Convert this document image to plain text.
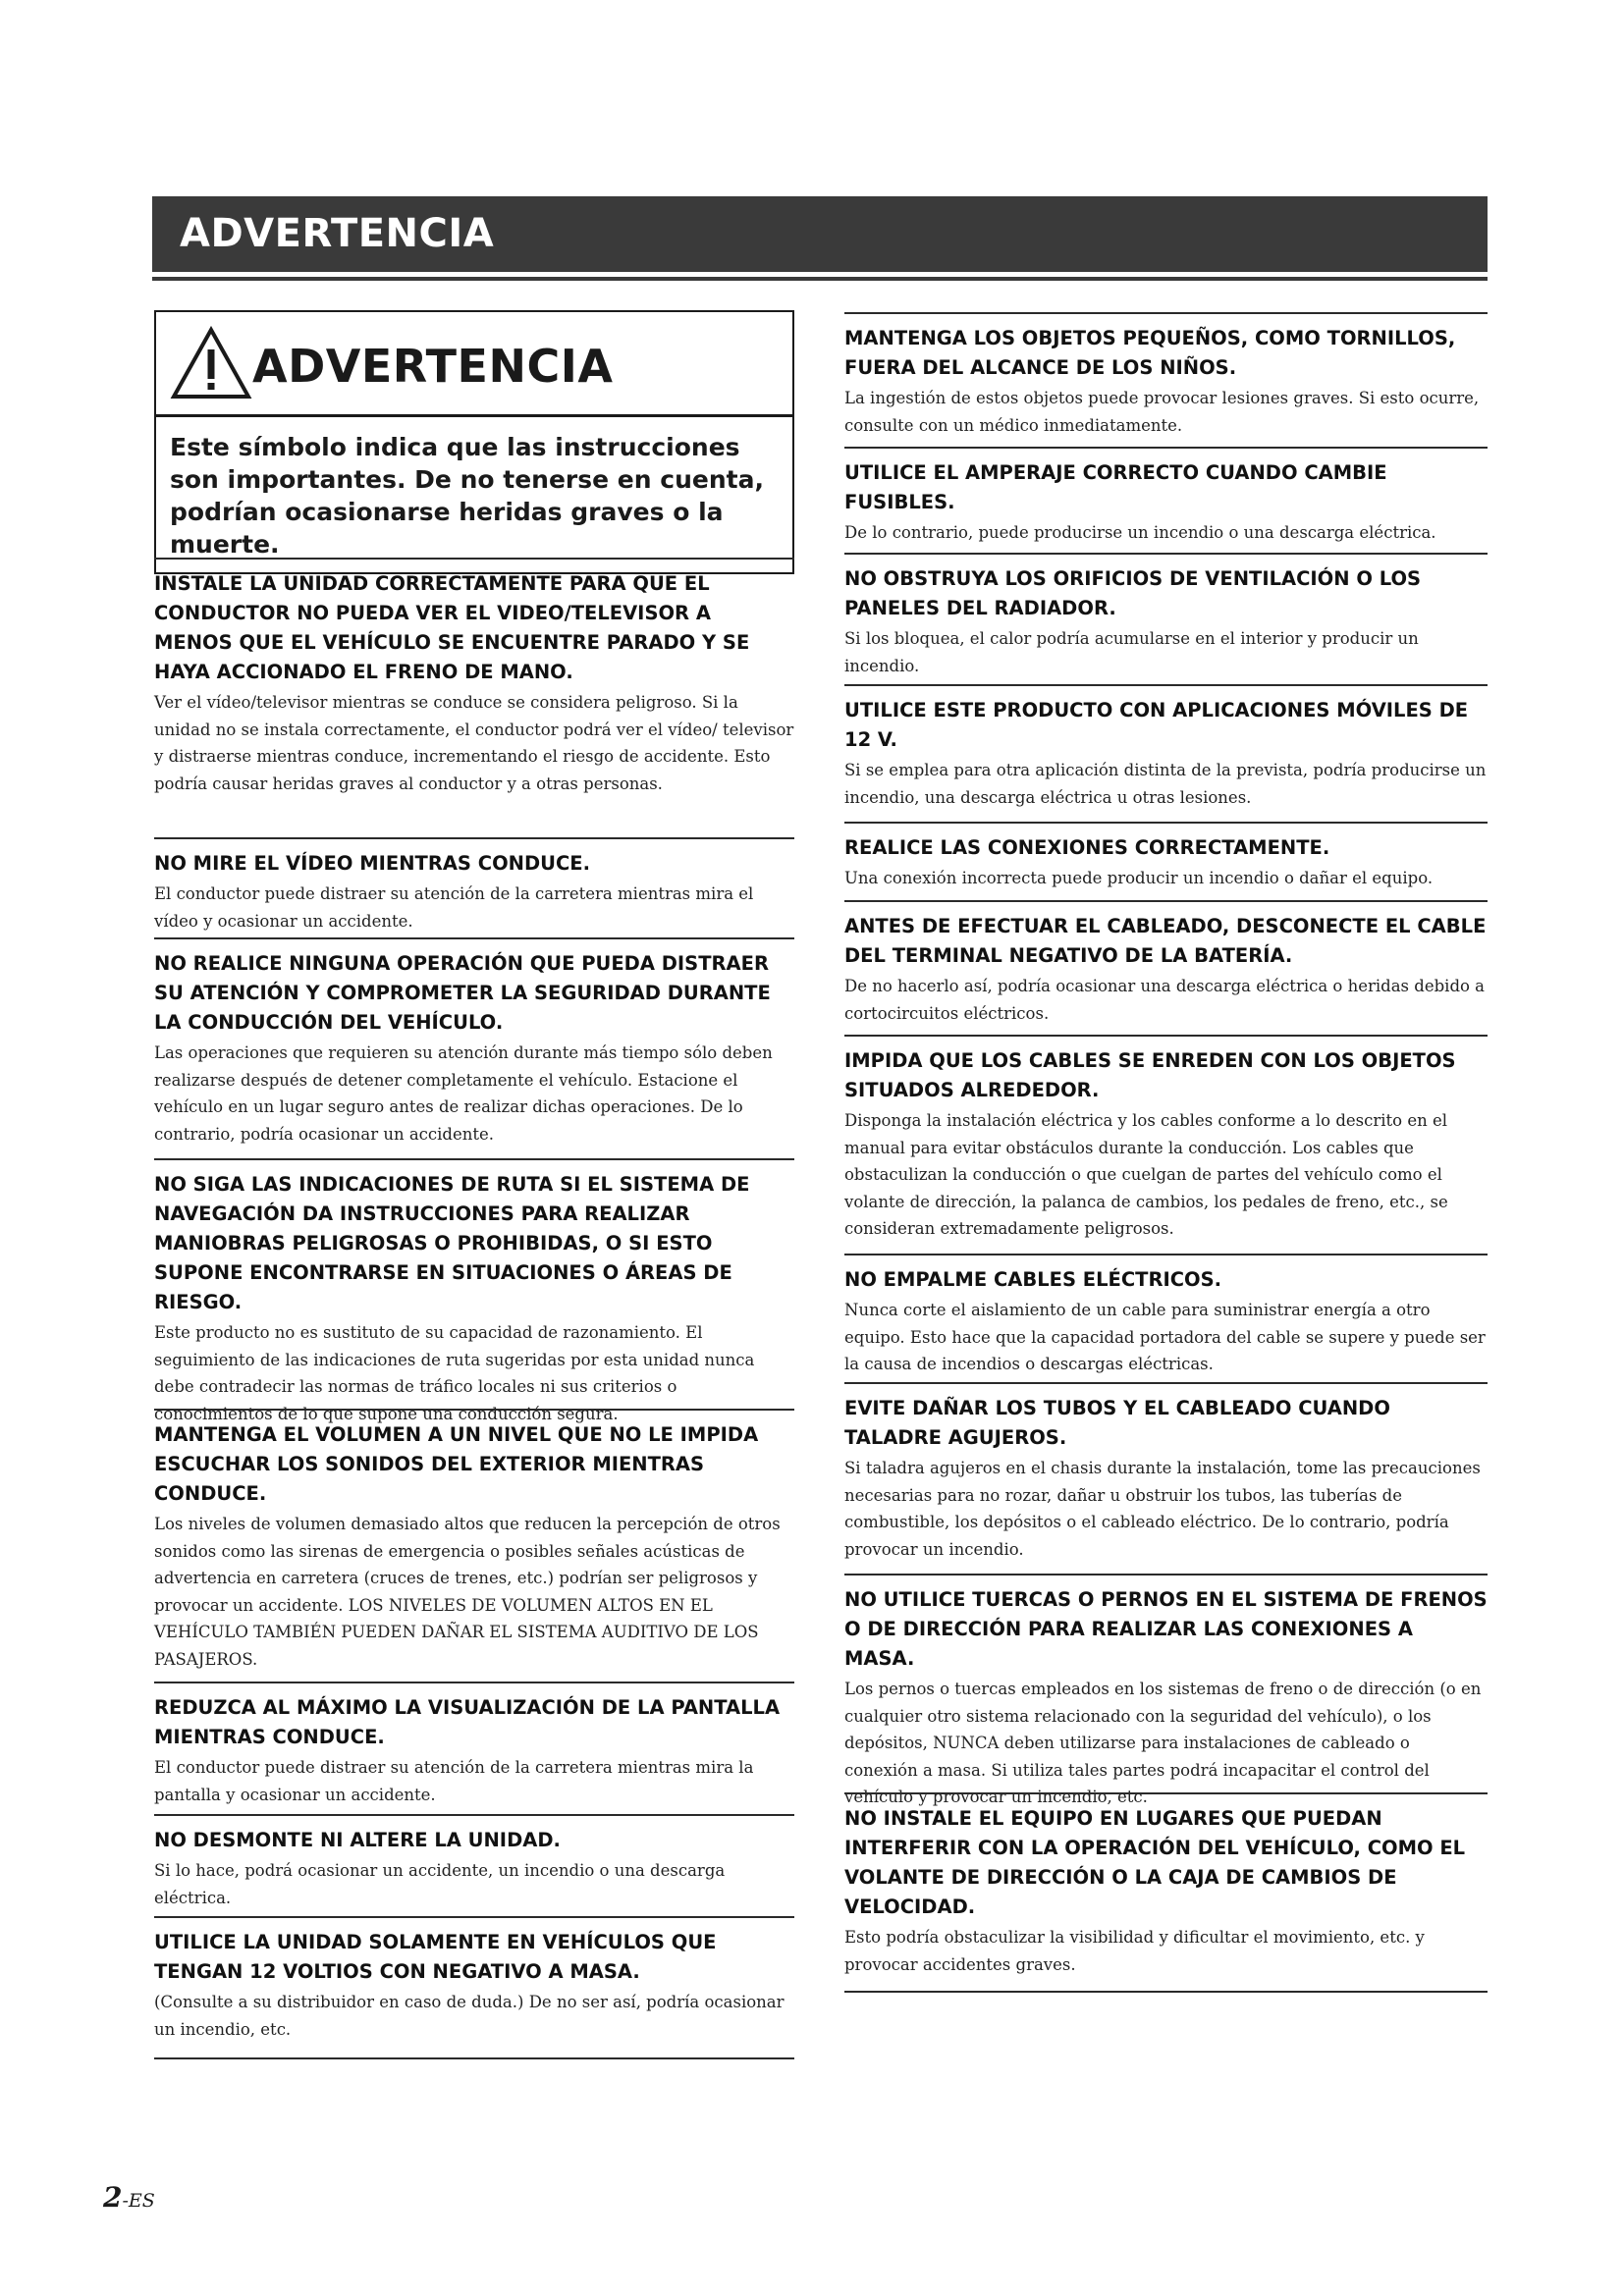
ADVERTENCIA
ADVERTENCIA
Este símbolo indica que las instrucciones son importantes. De no tenerse en cuenta, podrían ocasionarse heridas graves o la muerte.

INSTALE LA UNIDAD CORRECTAMENTE PARA QUE EL CONDUCTOR NO PUEDA VER EL VIDEO/TELEVISOR A MENOS QUE EL VEHÍCULO SE ENCUENTRE PARADO Y SE HAYA ACCIONADO EL FRENO DE MANO.

Ver el vídeo/televisor mientras se conduce se considera peligroso. Si la unidad no se instala correctamente, el conductor podrá ver el vídeo/ televisor y distraerse mientras conduce, incrementando el riesgo de accidente. Esto podría causar heridas graves al conductor y a otras personas.

NO MIRE EL VÍDEO MIENTRAS CONDUCE.

El conductor puede distraer su atención de la carretera mientras mira el vídeo y ocasionar un accidente.

NO REALICE NINGUNA OPERACIÓN QUE PUEDA DISTRAER SU ATENCIÓN Y COMPROMETER LA SEGURIDAD DURANTE LA CONDUCCIÓN DEL VEHÍCULO.

Las operaciones que requieren su atención durante más tiempo sólo deben realizarse después de detener completamente el vehículo. Estacione el vehículo en un lugar seguro antes de realizar dichas operaciones. De lo contrario, podría ocasionar un accidente.

NO SIGA LAS INDICACIONES DE RUTA SI EL SISTEMA DE NAVEGACIÓN DA INSTRUCCIONES PARA REALIZAR MANIOBRAS PELIGROSAS O PROHIBIDAS, O SI ESTO SUPONE ENCONTRARSE EN SITUACIONES O ÁREAS DE RIESGO.

Este producto no es sustituto de su capacidad de razonamiento. El seguimiento de las indicaciones de ruta sugeridas por esta unidad nunca debe contradecir las normas de tráfico locales ni sus criterios o conocimientos de lo que supone una conducción segura.

MANTENGA EL VOLUMEN A UN NIVEL QUE NO LE IMPIDA ESCUCHAR LOS SONIDOS DEL EXTERIOR MIENTRAS CONDUCE.

Los niveles de volumen demasiado altos que reducen la percepción de otros sonidos como las sirenas de emergencia o posibles señales acústicas de advertencia en carretera (cruces de trenes, etc.) podrían ser peligrosos y provocar un accidente. LOS NIVELES DE VOLUMEN ALTOS EN EL VEHÍCULO TAMBIÉN PUEDEN DAÑAR EL SISTEMA AUDITIVO DE LOS PASAJEROS.

REDUZCA AL MÁXIMO LA VISUALIZACIÓN DE LA PANTALLA MIENTRAS CONDUCE.

El conductor puede distraer su atención de la carretera mientras mira la pantalla y ocasionar un accidente.

NO DESMONTE NI ALTERE LA UNIDAD.

Si lo hace, podrá ocasionar un accidente, un incendio o una descarga eléctrica.

UTILICE LA UNIDAD SOLAMENTE EN VEHÍCULOS QUE TENGAN 12 VOLTIOS CON NEGATIVO A MASA.

(Consulte a su distribuidor en caso de duda.) De no ser así, podría ocasionar un incendio, etc.

MANTENGA LOS OBJETOS PEQUEÑOS, COMO TORNILLOS, FUERA DEL ALCANCE DE LOS NIÑOS.

La ingestión de estos objetos puede provocar lesiones graves. Si esto ocurre, consulte con un médico inmediatamente.

UTILICE EL AMPERAJE CORRECTO CUANDO CAMBIE FUSIBLES.

De lo contrario, puede producirse un incendio o una descarga eléctrica.

NO OBSTRUYA LOS ORIFICIOS DE VENTILACIÓN O LOS PANELES DEL RADIADOR.

Si los bloquea, el calor podría acumularse en el interior y producir un incendio.

UTILICE ESTE PRODUCTO CON APLICACIONES MÓVILES DE 12 V.

Si se emplea para otra aplicación distinta de la prevista, podría producirse un incendio, una descarga eléctrica u otras lesiones.

REALICE LAS CONEXIONES CORRECTAMENTE.

Una conexión incorrecta puede producir un incendio o dañar el equipo.

ANTES DE EFECTUAR EL CABLEADO, DESCONECTE EL CABLE DEL TERMINAL NEGATIVO DE LA BATERÍA.

De no hacerlo así, podría ocasionar una descarga eléctrica o heridas debido a cortocircuitos eléctricos.

IMPIDA QUE LOS CABLES SE ENREDEN CON LOS OBJETOS SITUADOS ALREDEDOR.

Disponga la instalación eléctrica y los cables conforme a lo descrito en el manual para evitar obstáculos durante la conducción. Los cables que obstaculizan la conducción o que cuelgan de partes del vehículo como el volante de dirección, la palanca de cambios, los pedales de freno, etc., se consideran extremadamente peligrosos.

NO EMPALME CABLES ELÉCTRICOS.

Nunca corte el aislamiento de un cable para suministrar energía a otro equipo. Esto hace que la capacidad portadora del cable se supere y puede ser la causa de incendios o descargas eléctricas.

EVITE DAÑAR LOS TUBOS Y EL CABLEADO CUANDO TALADRE AGUJEROS.

Si taladra agujeros en el chasis durante la instalación, tome las precauciones necesarias para no rozar, dañar u obstruir los tubos, las tuberías de combustible, los depósitos o el cableado eléctrico. De lo contrario, podría provocar un incendio.

NO UTILICE TUERCAS O PERNOS EN EL SISTEMA DE FRENOS O DE DIRECCIÓN PARA REALIZAR LAS CONEXIONES A MASA.

Los pernos o tuercas empleados en los sistemas de freno o de dirección (o en cualquier otro sistema relacionado con la seguridad del vehículo), o los depósitos, NUNCA deben utilizarse para instalaciones de cableado o conexión a masa. Si utiliza tales partes podrá incapacitar el control del vehículo y provocar un incendio, etc.

NO INSTALE EL EQUIPO EN LUGARES QUE PUEDAN INTERFERIR CON LA OPERACIÓN DEL VEHÍCULO, COMO EL VOLANTE DE DIRECCIÓN O LA CAJA DE CAMBIOS DE VELOCIDAD.

Esto podría obstaculizar la visibilidad y dificultar el movimiento, etc. y provocar accidentes graves.

2-ES
